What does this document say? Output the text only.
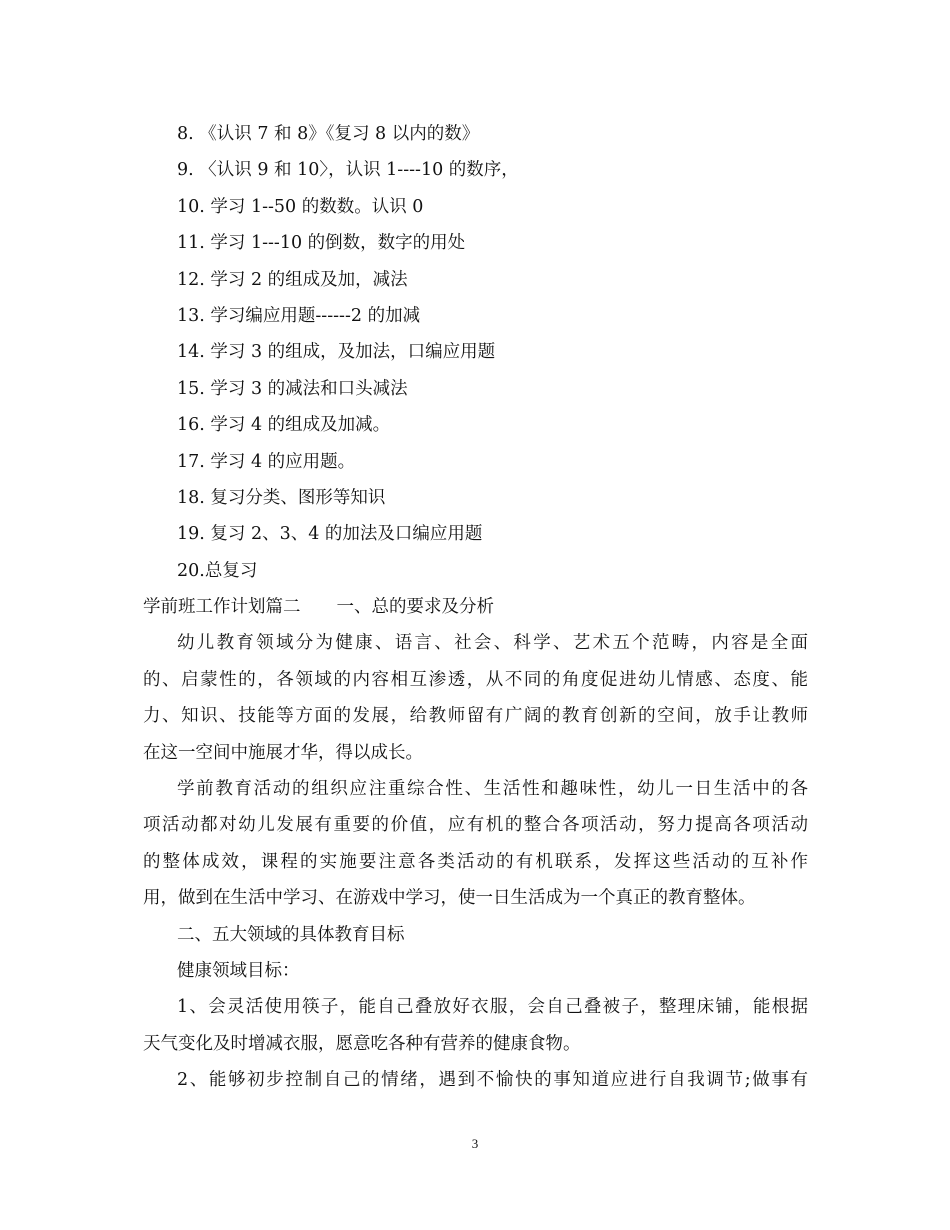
8. 《认识 7 和 8》《复习 8 以内的数》
9. 〈认识 9 和 10〉，认识 1----10 的数序，
10. 学习 1--50 的数数。认识 0
11. 学习 1---10 的倒数，数字的用处
12. 学习 2 的组成及加，减法
13. 学习编应用题------2 的加减
14. 学习 3 的组成，及加法，口编应用题
15. 学习 3 的减法和口头减法
16. 学习 4 的组成及加减。
17. 学习 4 的应用题。
18. 复习分类、图形等知识
19. 复习 2、3、4 的加法及口编应用题
20.总复习
学前班工作计划篇二 一、总的要求及分析
幼儿教育领域分为健康、语言、社会、科学、艺术五个范畴，内容是全面
的、启蒙性的，各领域的内容相互渗透，从不同的角度促进幼儿情感、态度、能
力、知识、技能等方面的发展，给教师留有广阔的教育创新的空间，放手让教师
在这一空间中施展才华，得以成长。
学前教育活动的组织应注重综合性、生活性和趣味性，幼儿一日生活中的各
项活动都对幼儿发展有重要的价值，应有机的整合各项活动，努力提高各项活动
的整体成效，课程的实施要注意各类活动的有机联系，发挥这些活动的互补作
用，做到在生活中学习、在游戏中学习，使一日生活成为一个真正的教育整体。
二、五大领域的具体教育目标
健康领域目标：
1、会灵活使用筷子，能自己叠放好衣服，会自己叠被子，整理床铺，能根据
天气变化及时增减衣服，愿意吃各种有营养的健康食物。
2、能够初步控制自己的情绪，遇到不愉快的事知道应进行自我调节;做事有
3
